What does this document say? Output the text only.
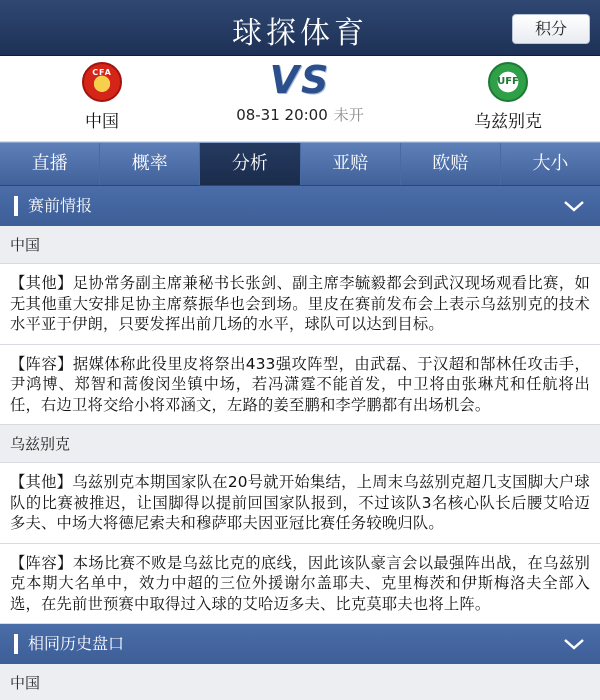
球探体育	积分
CFA
中国
VS
08-31 20:00 未开
UFF
乌兹别克
直播	概率	分析	亚赔	欧赔	大小
赛前情报
中国
【其他】足协常务副主席兼秘书长张剑、副主席李毓毅都会到武汉现场观看比赛，如无其他重大安排足协主席蔡振华也会到场。里皮在赛前发布会上表示乌兹别克的技术水平亚于伊朗，只要发挥出前几场的水平，球队可以达到目标。
【阵容】据媒体称此役里皮将祭出433强攻阵型，由武磊、于汉超和郜林任攻击手，尹鸿博、郑智和蒿俊闵坐镇中场，若冯潇霆不能首发，中卫将由张琳芃和任航将出任，右边卫将交给小将邓涵文，左路的姜至鹏和李学鹏都有出场机会。
乌兹别克
【其他】乌兹别克本期国家队在20号就开始集结，上周末乌兹别克超几支国脚大户球队的比赛被推迟，让国脚得以提前回国家队报到，不过该队3名核心队长后腰艾哈迈多夫、中场大将德尼索夫和穆萨耶夫因亚冠比赛任务较晚归队。
【阵容】本场比赛不败是乌兹比克的底线，因此该队豪言会以最强阵出战，在乌兹别克本期大名单中，效力中超的三位外援谢尔盖耶夫、克里梅茨和伊斯梅洛夫全部入选，在先前世预赛中取得过入球的艾哈迈多夫、比克莫耶夫也将上阵。
相同历史盘口
中国
